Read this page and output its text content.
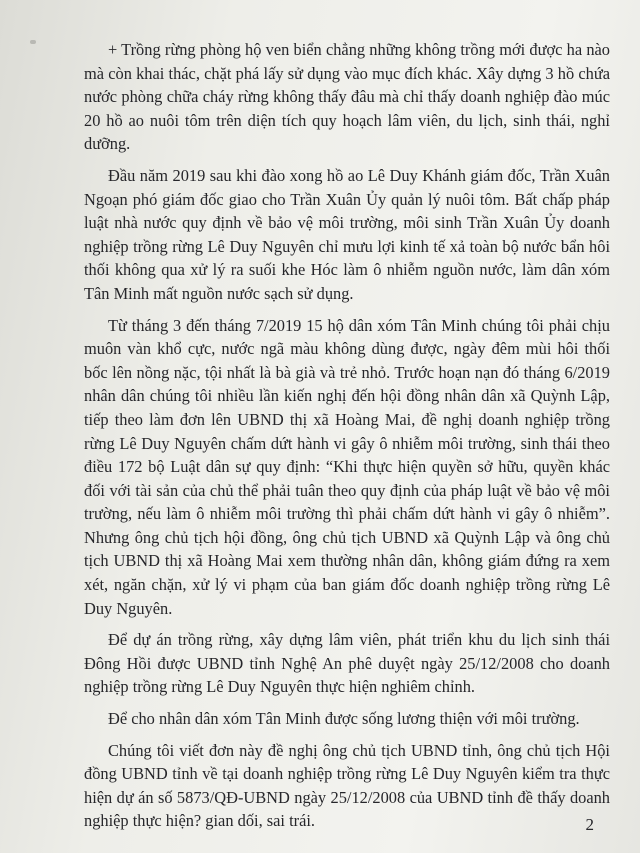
+ Trồng rừng phòng hộ ven biển chẳng những không trồng mới được ha nào mà còn khai thác, chặt phá lấy sử dụng vào mục đích khác. Xây dựng 3 hồ chứa nước phòng chữa cháy rừng không thấy đâu mà chỉ thấy doanh nghiệp đào múc 20 hồ ao nuôi tôm trên diện tích quy hoạch lâm viên, du lịch, sinh thái, nghỉ dưỡng.

Đầu năm 2019 sau khi đào xong hồ ao Lê Duy Khánh giám đốc, Trần Xuân Ngoạn phó giám đốc giao cho Trần Xuân Ủy quản lý nuôi tôm. Bất chấp pháp luật nhà nước quy định về bảo vệ môi trường, môi sinh Trần Xuân Ủy doanh nghiệp trồng rừng Lê Duy Nguyên chỉ mưu lợi kinh tế xả toàn bộ nước bẩn hôi thối không qua xử lý ra suối khe Hóc làm ô nhiễm nguồn nước, làm dân xóm Tân Minh mất nguồn nước sạch sử dụng.

Từ tháng 3 đến tháng 7/2019 15 hộ dân xóm Tân Minh chúng tôi phải chịu muôn vàn khổ cực, nước ngã màu không dùng được, ngày đêm mùi hôi thối bốc lên nồng nặc, tội nhất là bà già và trẻ nhỏ. Trước hoạn nạn đó tháng 6/2019 nhân dân chúng tôi nhiều lần kiến nghị đến hội đồng nhân dân xã Quỳnh Lập, tiếp theo làm đơn lên UBND thị xã Hoàng Mai, đề nghị doanh nghiệp trồng rừng Lê Duy Nguyên chấm dứt hành vi gây ô nhiễm môi trường, sinh thái theo điều 172 bộ Luật dân sự quy định: “Khi thực hiện quyền sở hữu, quyền khác đối với tài sản của chủ thể phải tuân theo quy định của pháp luật về bảo vệ môi trường, nếu làm ô nhiễm môi trường thì phải chấm dứt hành vi gây ô nhiễm”. Nhưng ông chủ tịch hội đồng, ông chủ tịch UBND xã Quỳnh Lập và ông chủ tịch UBND thị xã Hoàng Mai xem thường nhân dân, không giám đứng ra xem xét, ngăn chặn, xử lý vi phạm của ban giám đốc doanh nghiệp trồng rừng Lê Duy Nguyên.

Để dự án trồng rừng, xây dựng lâm viên, phát triển khu du lịch sinh thái Đông Hồi được UBND tỉnh Nghệ An phê duyệt ngày 25/12/2008 cho doanh nghiệp trồng rừng Lê Duy Nguyên thực hiện nghiêm chỉnh.

Để cho nhân dân xóm Tân Minh được sống lương thiện với môi trường.

Chúng tôi viết đơn này đề nghị ông chủ tịch UBND tỉnh, ông chủ tịch Hội đồng UBND tỉnh về tại doanh nghiệp trồng rừng Lê Duy Nguyên kiểm tra thực hiện dự án số 5873/QĐ-UBND ngày 25/12/2008 của UBND tỉnh đề thấy doanh nghiệp thực hiện? gian dối, sai trái.	2
